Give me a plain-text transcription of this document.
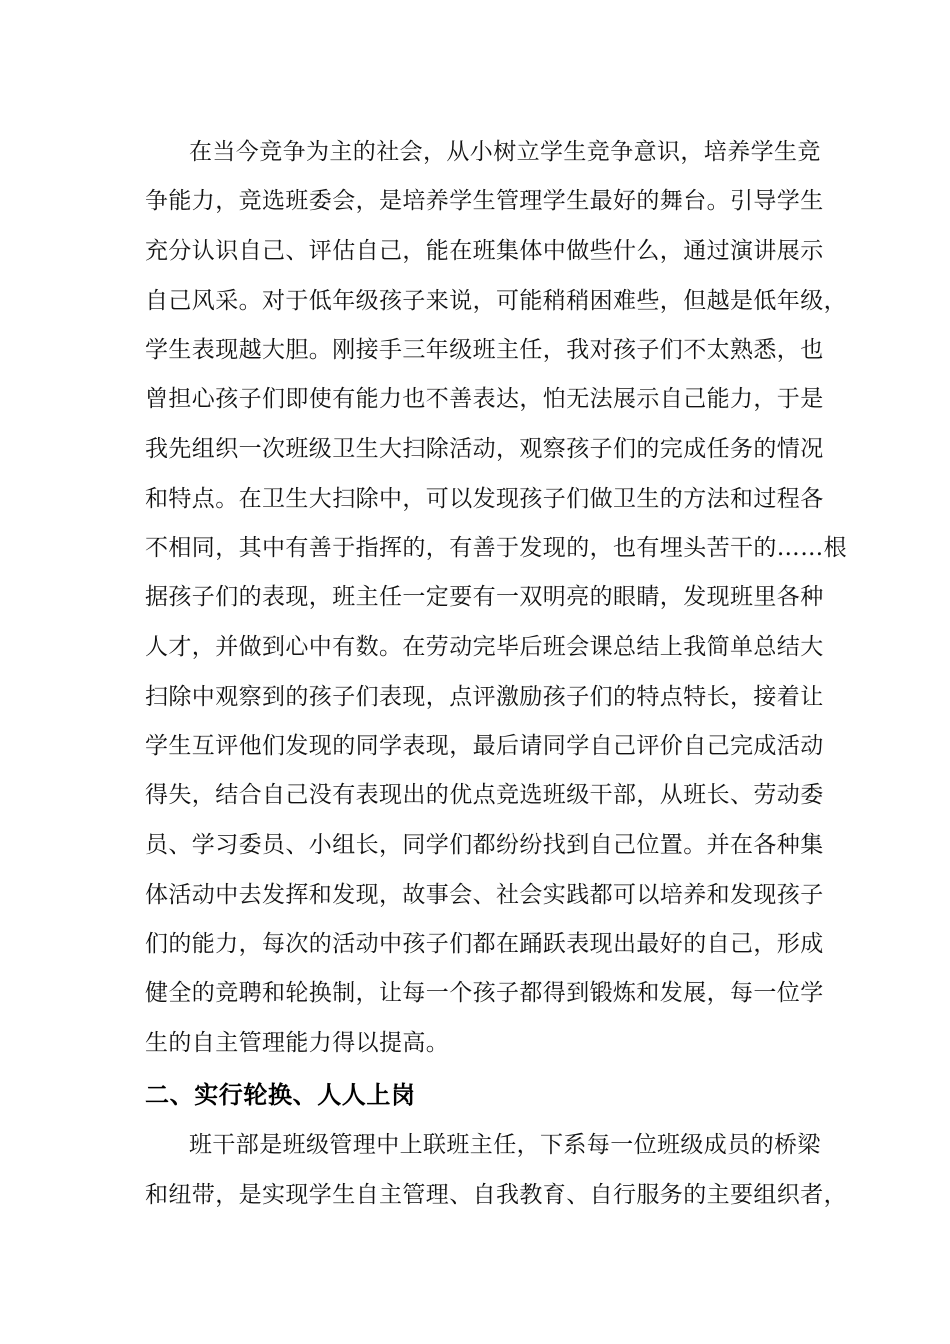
在当今竞争为主的社会，从小树立学生竞争意识，培养学生竞
争能力，竞选班委会，是培养学生管理学生最好的舞台。引导学生
充分认识自己、评估自己，能在班集体中做些什么，通过演讲展示
自己风采。对于低年级孩子来说，可能稍稍困难些，但越是低年级，
学生表现越大胆。刚接手三年级班主任，我对孩子们不太熟悉，也
曾担心孩子们即使有能力也不善表达，怕无法展示自己能力，于是
我先组织一次班级卫生大扫除活动，观察孩子们的完成任务的情况
和特点。在卫生大扫除中，可以发现孩子们做卫生的方法和过程各
不相同，其中有善于指挥的，有善于发现的，也有埋头苦干的……根
据孩子们的表现，班主任一定要有一双明亮的眼睛，发现班里各种
人才，并做到心中有数。在劳动完毕后班会课总结上我简单总结大
扫除中观察到的孩子们表现，点评激励孩子们的特点特长，接着让
学生互评他们发现的同学表现，最后请同学自己评价自己完成活动
得失，结合自己没有表现出的优点竞选班级干部，从班长、劳动委
员、学习委员、小组长，同学们都纷纷找到自己位置。并在各种集
体活动中去发挥和发现，故事会、社会实践都可以培养和发现孩子
们的能力，每次的活动中孩子们都在踊跃表现出最好的自己，形成
健全的竞聘和轮换制，让每一个孩子都得到锻炼和发展，每一位学
生的自主管理能力得以提高。
二、实行轮换、人人上岗
班干部是班级管理中上联班主任，下系每一位班级成员的桥梁
和纽带，是实现学生自主管理、自我教育、自行服务的主要组织者，
